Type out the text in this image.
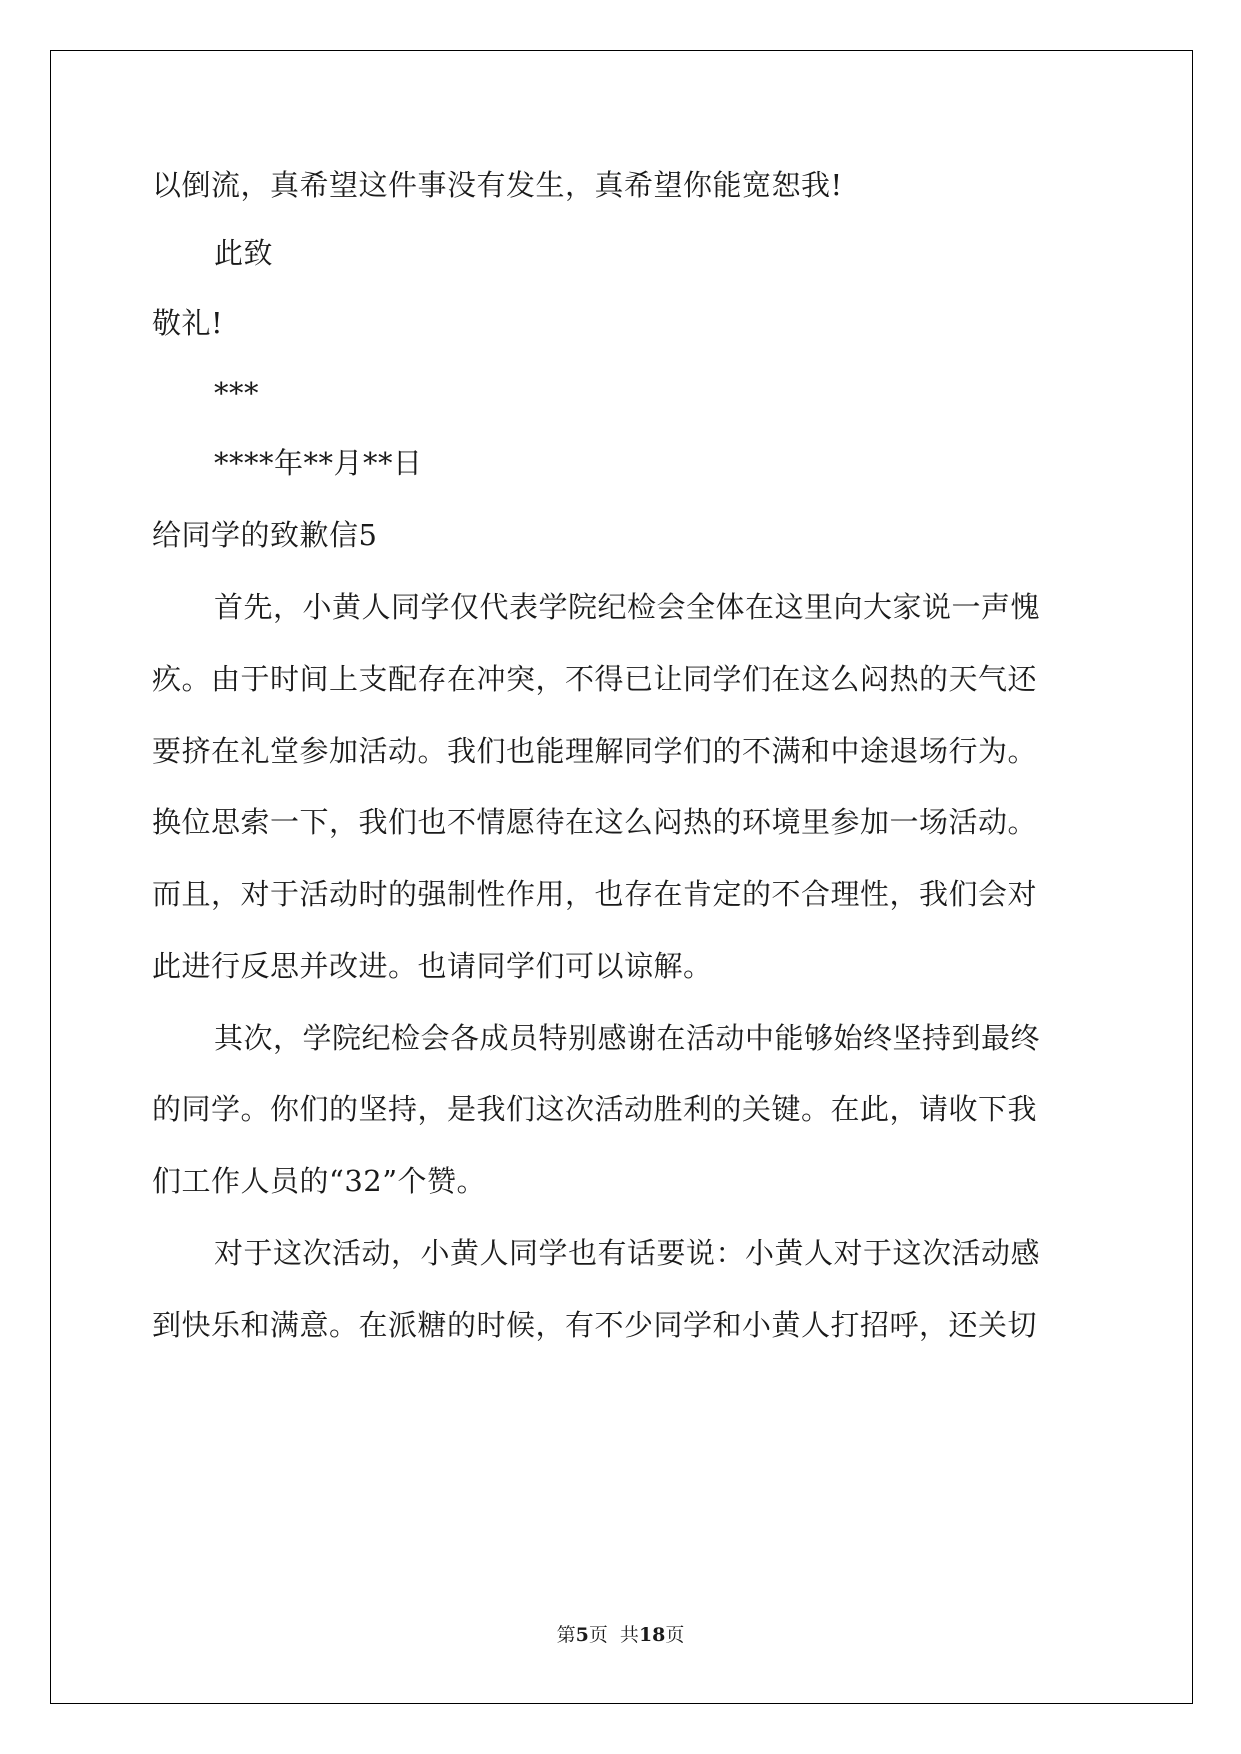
以倒流，真希望这件事没有发生，真希望你能宽恕我!
此致
敬礼!
***
****年**月**日
给同学的致歉信5
首先，小黄人同学仅代表学院纪检会全体在这里向大家说一声愧
疚。由于时间上支配存在冲突，不得已让同学们在这么闷热的天气还
要挤在礼堂参加活动。我们也能理解同学们的不满和中途退场行为。
换位思索一下，我们也不情愿待在这么闷热的环境里参加一场活动。
而且，对于活动时的强制性作用，也存在肯定的不合理性，我们会对
此进行反思并改进。也请同学们可以谅解。
其次，学院纪检会各成员特别感谢在活动中能够始终坚持到最终
的同学。你们的坚持，是我们这次活动胜利的关键。在此，请收下我
们工作人员的“32”个赞。
对于这次活动，小黄人同学也有话要说：小黄人对于这次活动感
到快乐和满意。在派糖的时候，有不少同学和小黄人打招呼，还关切
第5页  共18页
